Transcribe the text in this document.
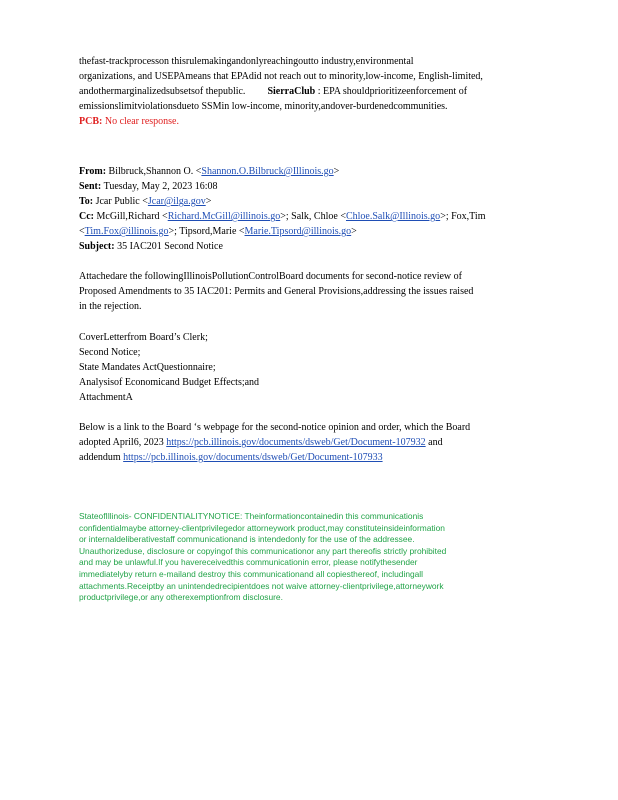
thefast-trackprocesson thisrulemakingandonlyreachingoutto industry,environmental
organizations, and USEPAmeans that EPAdid not reach out to minority,low-income, English-limited,
andothermarginalizedsubsetsof thepublic. SierraClub : EPA shouldprioritizeenforcement of
emissionslimitviolationsdueto SSMin low-income, minority,andover-burdenedcommunities.
PCB: No clear response.
From: Bilbruck,Shannon O. <Shannon.O.Bilbruck@Illinois.go>
Sent: Tuesday, May 2, 2023 16:08
To: Jcar Public <Jcar@ilga.gov>
Cc: McGill,Richard <Richard.McGill@illinois.go>; Salk, Chloe <Chloe.Salk@Illinois.go>; Fox,Tim
<Tim.Fox@illinois.go>; Tipsord,Marie <Marie.Tipsord@illinois.go>
Subject: 35 IAC201 Second Notice
Attachedare the followingIllinoisPollutionControlBoard documents for second-notice review of
Proposed Amendments to 35 IAC201: Permits and General Provisions,addressing the issues raised
in the rejection.
CoverLetterfrom Board’s Clerk;
Second Notice;
State Mandates ActQuestionnaire;
Analysisof Economicand Budget Effects;and
AttachmentA
Below is a link to the Board ‘s webpage for the second-notice opinion and order, which the Board
adopted April6, 2023 https://pcb.illinois.gov/documents/dsweb/Get/Document-107932 and
addendum https://pcb.illinois.gov/documents/dsweb/Get/Document-107933
StateofIllinois- CONFIDENTIALITYNOTICE: Theinformationcontainedin this communicationis
confidentialmaybe attorney-clientprivilegedor attorneywork product,may constituteinsideinformation
or internaldeliberativestaff communicationand is intendedonly for the use of the addressee.
Unauthorizeduse, disclosure or copyingof this communicationor any part thereofis strictly prohibited
and may be unlawful.If you havereceivedthis communicationin error, please notifythesender
immediatelyby return e-mailand destroy this communicationand all copiesthereof, includingall
attachments.Receiptby an unintendedrecipientdoes not waive attorney-clientprivilege,attorneywork
productprivilege,or any otherexemptionfrom disclosure.
